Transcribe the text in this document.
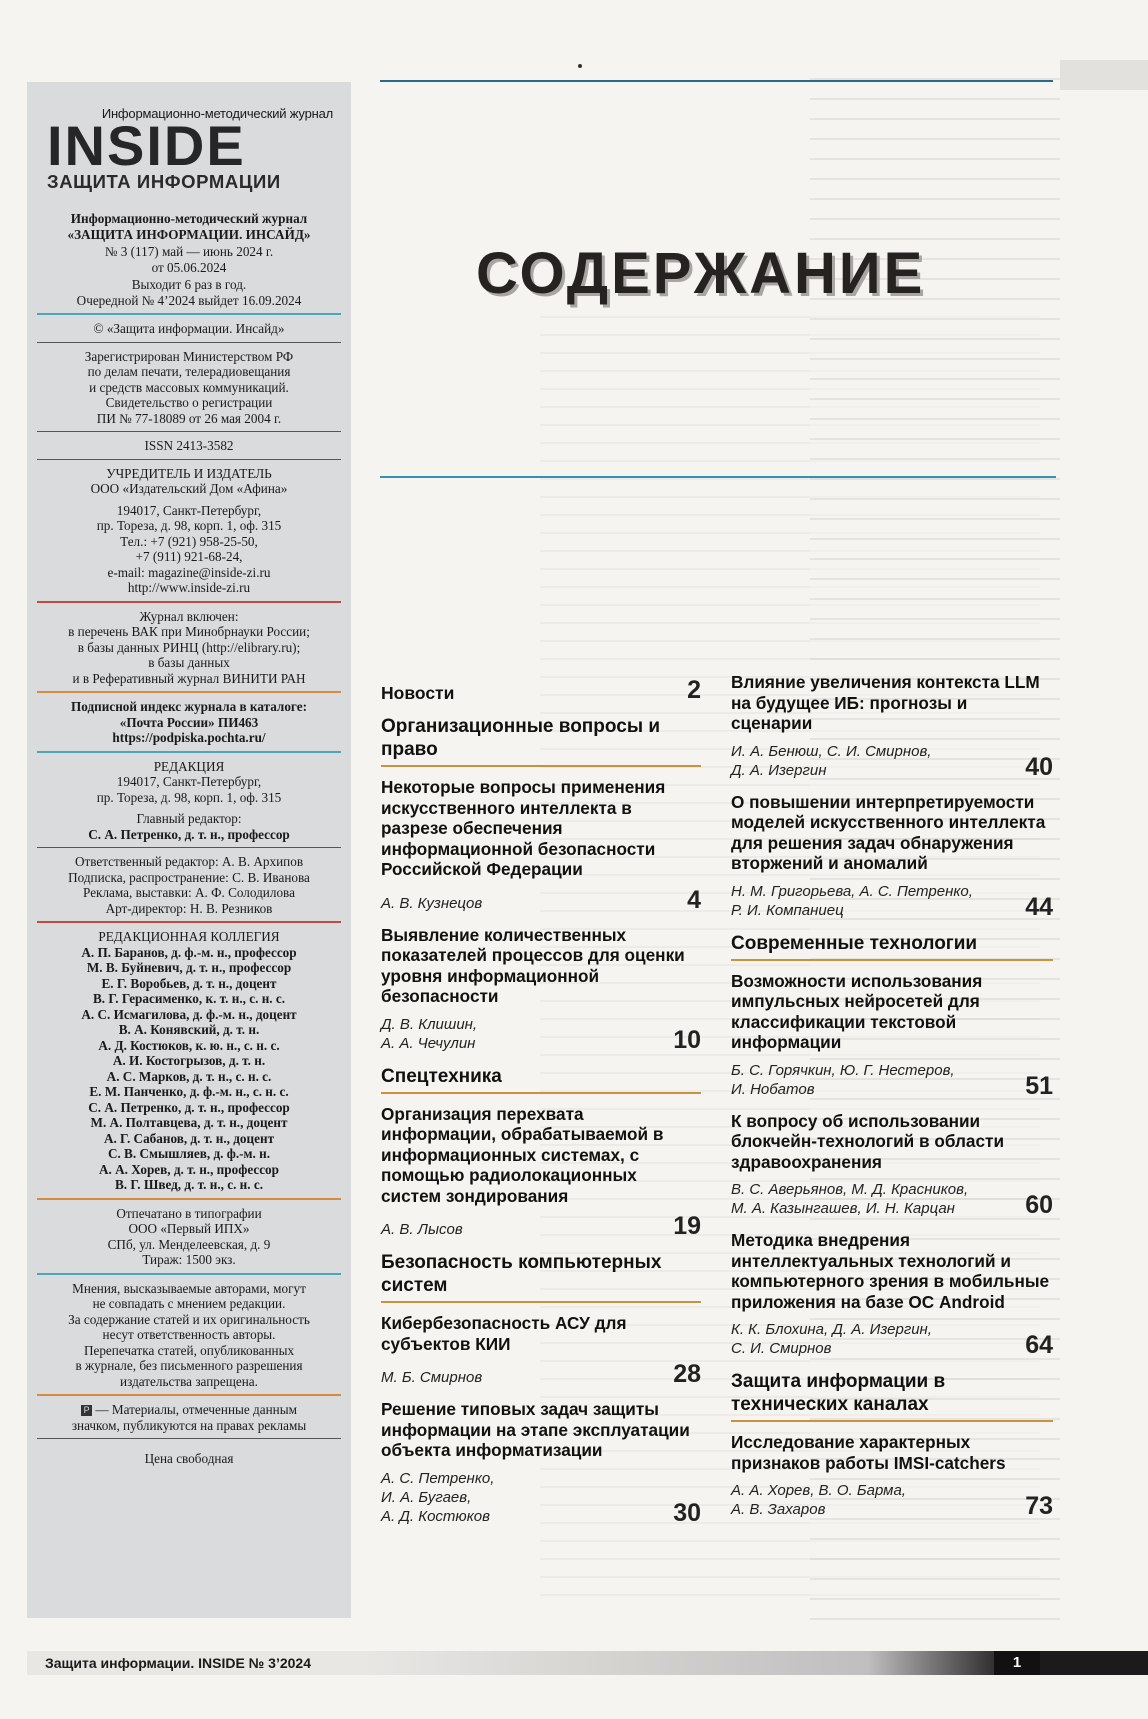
Информационно-методический журнал
INSIDE
ЗАЩИТА ИНФОРМАЦИИ
Информационно-методический журнал
«ЗАЩИТА ИНФОРМАЦИИ. ИНСАЙД»
№ 3 (117) май — июнь 2024 г.
от 05.06.2024
Выходит 6 раз в год.
Очередной № 4’2024 выйдет 16.09.2024
© «Защита информации. Инсайд»
Зарегистрирован Министерством РФ
по делам печати, телерадиовещания
и средств массовых коммуникаций.
Свидетельство о регистрации
ПИ № 77-18089 от 26 мая 2004 г.
ISSN 2413-3582
УЧРЕДИТЕЛЬ И ИЗДАТЕЛЬ
ООО «Издательский Дом «Афина»
194017, Санкт-Петербург,
пр. Тореза, д. 98, корп. 1, оф. 315
Тел.: +7 (921) 958-25-50,
+7 (911) 921-68-24,
e-mail: magazine@inside-zi.ru
http://www.inside-zi.ru
Журнал включен:
в перечень ВАК при Минобрнауки России;
в базы данных РИНЦ (http://elibrary.ru);
в базы данных
и в Реферативный журнал ВИНИТИ РАН
Подписной индекс журнала в каталоге:
«Почта России» ПИ463
https://podpiska.pochta.ru/
РЕДАКЦИЯ
194017, Санкт-Петербург,
пр. Тореза, д. 98, корп. 1, оф. 315
Главный редактор:
С. А. Петренко, д. т. н., профессор
Ответственный редактор: А. В. Архипов
Подписка, распространение: С. В. Иванова
Реклама, выставки: А. Ф. Солодилова
Арт-директор: Н. В. Резников
РЕДАКЦИОННАЯ КОЛЛЕГИЯ
А. П. Баранов, д. ф.-м. н., профессор
М. В. Буйневич, д. т. н., профессор
Е. Г. Воробьев, д. т. н., доцент
В. Г. Герасименко, к. т. н., с. н. с.
А. С. Исмагилова, д. ф.-м. н., доцент
В. А. Конявский, д. т. н.
А. Д. Костюков, к. ю. н., с. н. с.
А. И. Костогрызов, д. т. н.
А. С. Марков, д. т. н., с. н. с.
Е. М. Панченко, д. ф.-м. н., с. н. с.
С. А. Петренко, д. т. н., профессор
М. А. Полтавцева, д. т. н., доцент
А. Г. Сабанов, д. т. н., доцент
С. В. Смышляев, д. ф.-м. н.
А. А. Хорев, д. т. н., профессор
В. Г. Швед, д. т. н., с. н. с.
Отпечатано в типографии
ООО «Первый ИПХ»
СПб, ул. Менделеевская, д. 9
Тираж: 1500 экз.
Мнения, высказываемые авторами, могут
не совпадать с мнением редакции.
За содержание статей и их оригинальность
несут ответственность авторы.
Перепечатка статей, опубликованных
в журнале, без письменного разрешения
издательства запрещена.
Р — Материалы, отмеченные данным
значком, публикуются на правах рекламы
Цена свободная
СОДЕРЖАНИЕ
Новости	2
Организационные вопросы и право
Некоторые вопросы применения искусственного интеллекта в разрезе обеспечения информационной безопасности Российской Федерации
А. В. Кузнецов	4
Выявление количественных показателей процессов для оценки уровня информационной безопасности
Д. В. Клишин,
А. А. Чечулин	10
Спецтехника
Организация перехвата информации, обрабатываемой в информационных системах, с помощью радиолокационных систем зондирования
А. В. Лысов	19
Безопасность компьютерных систем
Кибербезопасность АСУ для субъектов КИИ
М. Б. Смирнов	28
Решение типовых задач защиты информации на этапе эксплуатации объекта информатизации
А. С. Петренко,
И. А. Бугаев,
А. Д. Костюков	30
Влияние увеличения контекста LLM на будущее ИБ: прогнозы и сценарии
И. А. Бенюш, С. И. Смирнов,
Д. А. Изергин	40
О повышении интерпретируемости моделей искусственного интеллекта для решения задач обнаружения вторжений и аномалий
Н. М. Григорьева, А. С. Петренко,
Р. И. Компаниец	44
Современные технологии
Возможности использования импульсных нейросетей для классификации текстовой информации
Б. С. Горячкин, Ю. Г. Нестеров,
И. Нобатов	51
К вопросу об использовании блокчейн-технологий в области здравоохранения
В. С. Аверьянов, М. Д. Красников,
М. А. Казынгашев, И. Н. Карцан	60
Методика внедрения интеллектуальных технологий и компьютерного зрения в мобильные приложения на базе ОС Android
К. К. Блохина, Д. А. Изергин,
С. И. Смирнов	64
Защита информации в технических каналах
Исследование характерных признаков работы IMSI-catchers
А. А. Хорев, В. О. Барма,
А. В. Захаров	73
Защита информации. INSIDE № 3’2024	1
